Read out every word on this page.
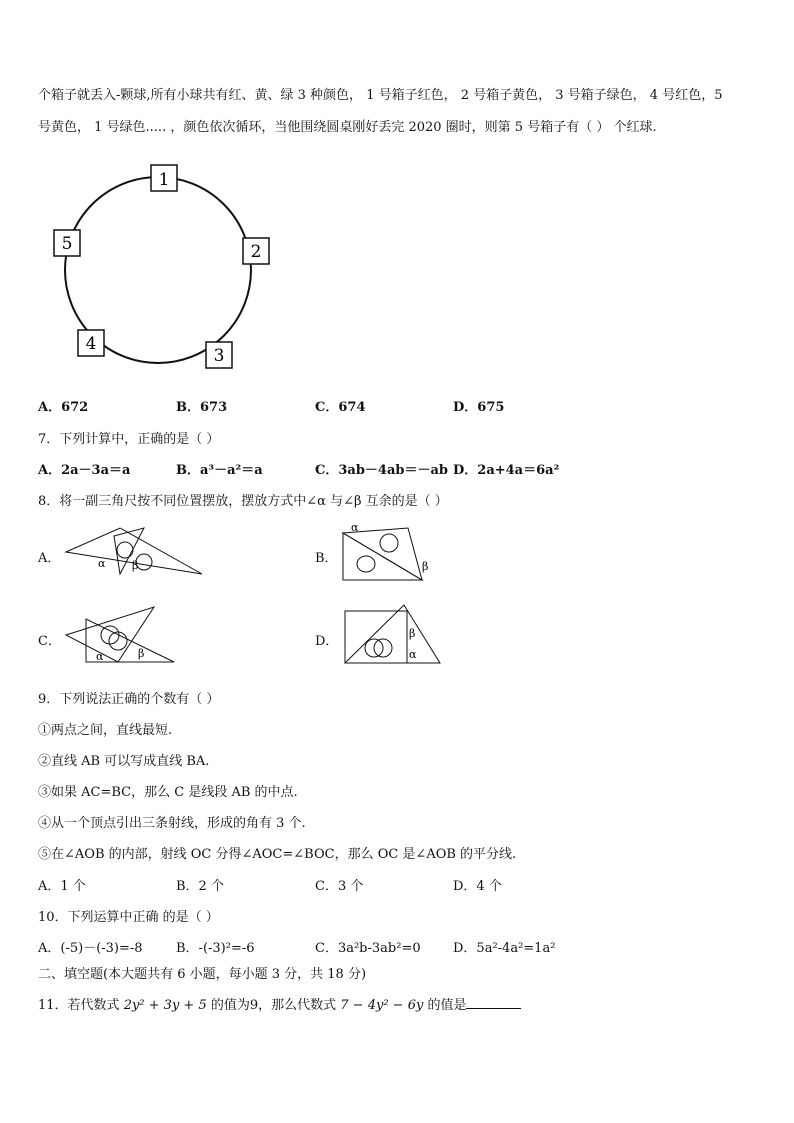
个箱子就丢入-颗球,所有小球共有红、黄、绿 3 种颜色， 1 号箱子红色， 2 号箱子黄色， 3 号箱子绿色， 4 号红色，5
号黄色， 1 号绿色..... ，颜色依次循环，当他围绕圆桌刚好丢完 2020 圈时，则第 5 号箱子有（ ） 个红球.
1
2
3
4
5
A．672	B．673	C．674	D．675
7．下列计算中，正确的是（ ）
A．2a－3a＝a	B．a³－a²＝a	C．3ab－4ab＝－ab D．2a+4a＝6a²
8．将一副三角尺按不同位置摆放，摆放方式中∠α 与∠β 互余的是（ ）
A．	α β	B．
α
β
C．
α	β
D．
β
α
9．下列说法正确的个数有（ ）
①两点之间，直线最短.
②直线 AB 可以写成直线 BA.
③如果 AC=BC，那么 C 是线段 AB 的中点.
④从一个顶点引出三条射线，形成的角有 3 个.
⑤在∠AOB 的内部，射线 OC 分得∠AOC=∠BOC，那么 OC 是∠AOB 的平分线.
A．1 个	B．2 个	C．3 个	D．4 个
10．下列运算中正确 的是（ ）
A．(-5)－(-3)=-8	B．-(-3)²=-6	C．3a²b-3ab²=0 D．5a²-4a²=1a²
二、填空题(本大题共有 6 小题，每小题 3 分，共 18 分)
11．若代数式 2y² + 3y + 5 的值为9，那么代数式 7 − 4y² − 6y 的值是
